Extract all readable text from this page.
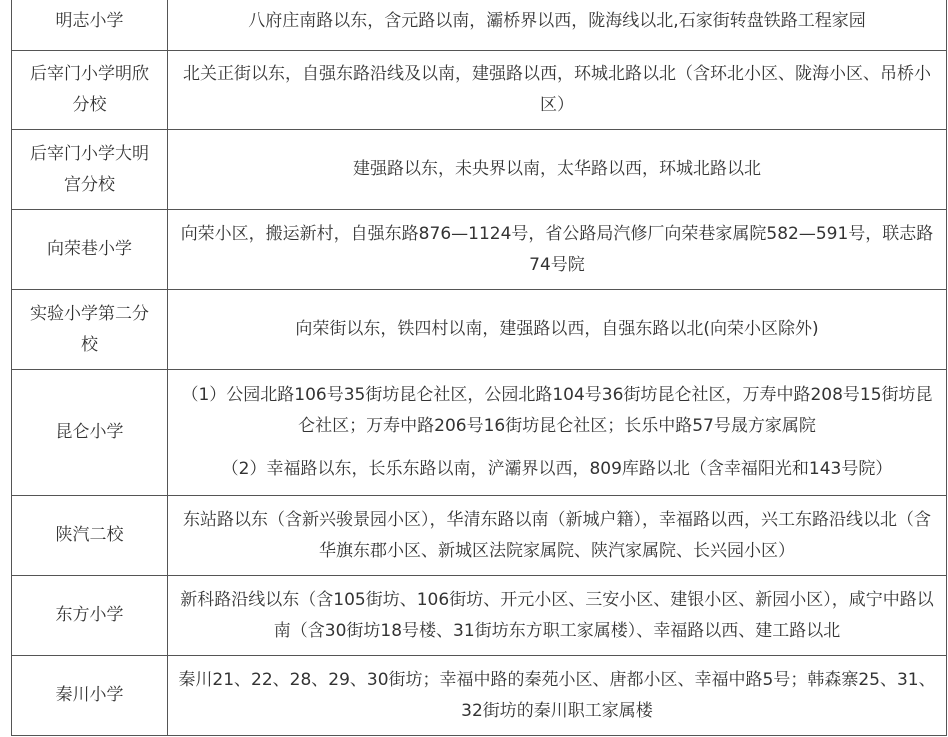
明志小学	八府庄南路以东，含元路以南，灞桥界以西，陇海线以北,石家街转盘铁路工程家园

后宰门小学明欣分校	北关正街以东，自强东路沿线及以南，建强路以西，环城北路以北（含环北小区、陇海小区、吊桥小区）

后宰门小学大明宫分校	建强路以东，未央界以南，太华路以西，环城北路以北

向荣巷小学	向荣小区，搬运新村，自强东路876—1124号，省公路局汽修厂向荣巷家属院582—591号，联志路74号院

实验小学第二分校	向荣街以东，铁四村以南，建强路以西，自强东路以北(向荣小区除外)

昆仑小学	（1）公园北路106号35街坊昆仑社区，公园北路104号36街坊昆仑社区，万寿中路208号15街坊昆仑社区；万寿中路206号16街坊昆仑社区；长乐中路57号晟方家属院

（2）幸福路以东，长乐东路以南，浐灞界以西，809库路以北（含幸福阳光和143号院）

陕汽二校	东站路以东（含新兴骏景园小区），华清东路以南（新城户籍），幸福路以西，兴工东路沿线以北（含华旗东郡小区、新城区法院家属院、陕汽家属院、长兴园小区）

东方小学	新科路沿线以东（含105街坊、106街坊、开元小区、三安小区、建银小区、新园小区），咸宁中路以南（含30街坊18号楼、31街坊东方职工家属楼）、幸福路以西、建工路以北

秦川小学	秦川21、22、28、29、30街坊；幸福中路的秦苑小区、唐都小区、幸福中路5号；韩森寨25、31、32街坊的秦川职工家属楼
